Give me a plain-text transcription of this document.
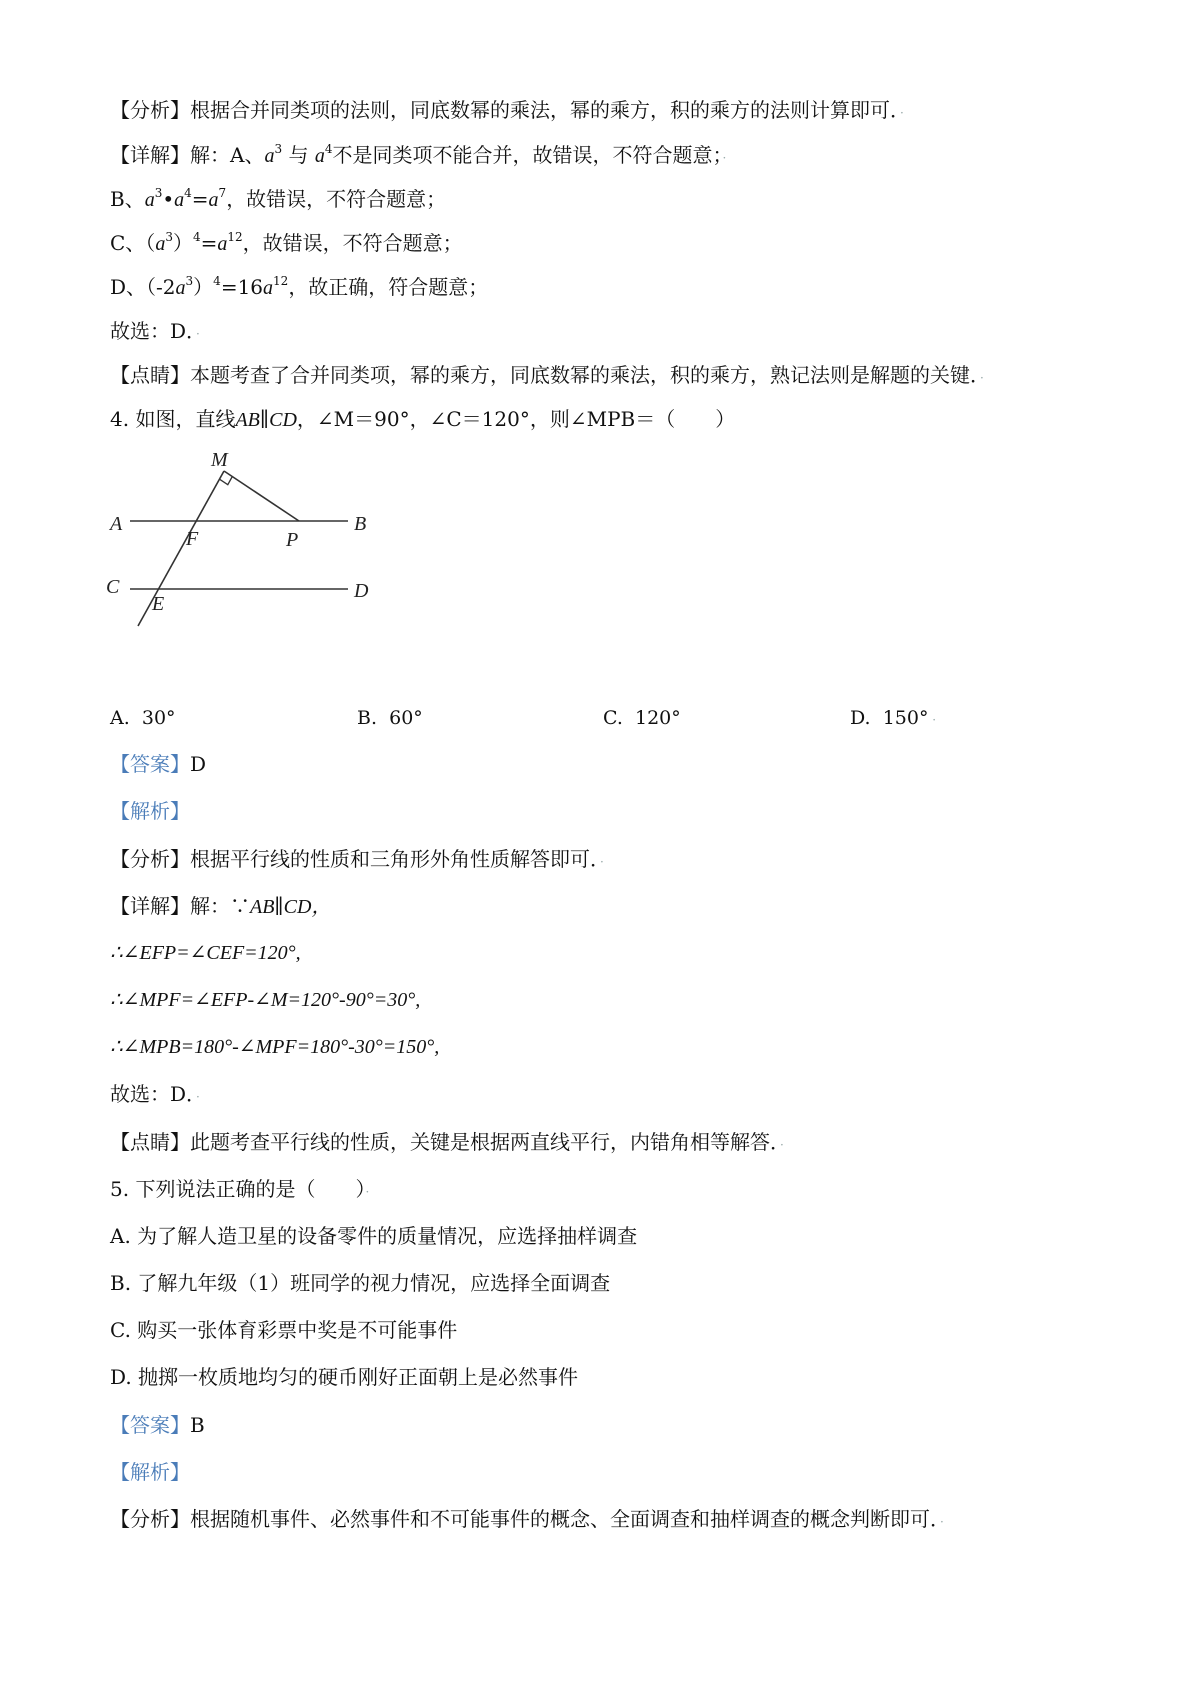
【分析】根据合并同类项的法则，同底数幂的乘法，幂的乘方，积的乘方的法则计算即可．·
【详解】解：A、$a^3$ 与 $a^4$不是同类项不能合并，故错误，不符合题意；·
B、$a^3•a^4=a^7$，故错误，不符合题意；
C、$(a^3)^4=a^{12}$，故错误，不符合题意；
D、$(-2a^3)^4=16a^{12}$，故正确，符合题意；
故选：D．·
【点睛】本题考查了合并同类项，幂的乘方，同底数幂的乘法，积的乘方，熟记法则是解题的关键．·
4. 如图，直线AB∥CD，∠M＝90°，∠C＝120°，则∠MPB＝（　　）
M
A
F	P
B
C
E
D
A. 30°	B. 60°	C. 120°	D. 150° ·
【答案】D
【解析】
【分析】根据平行线的性质和三角形外角性质解答即可．·
【详解】解：∵AB∥CD，
∴∠EFP=∠CEF=120°,
∴∠MPF=∠EFP-∠M=120°-90°=30°,
∴∠MPB=180°-∠MPF=180°-30°=150°,
故选：D．·
【点睛】此题考查平行线的性质，关键是根据两直线平行，内错角相等解答．·
5. 下列说法正确的是（　　）·
A. 为了解人造卫星的设备零件的质量情况，应选择抽样调查
B. 了解九年级（1）班同学的视力情况，应选择全面调查
C. 购买一张体育彩票中奖是不可能事件
D. 抛掷一枚质地均匀的硬币刚好正面朝上是必然事件
【答案】B
【解析】
【分析】根据随机事件、必然事件和不可能事件的概念、全面调查和抽样调查的概念判断即可．·
